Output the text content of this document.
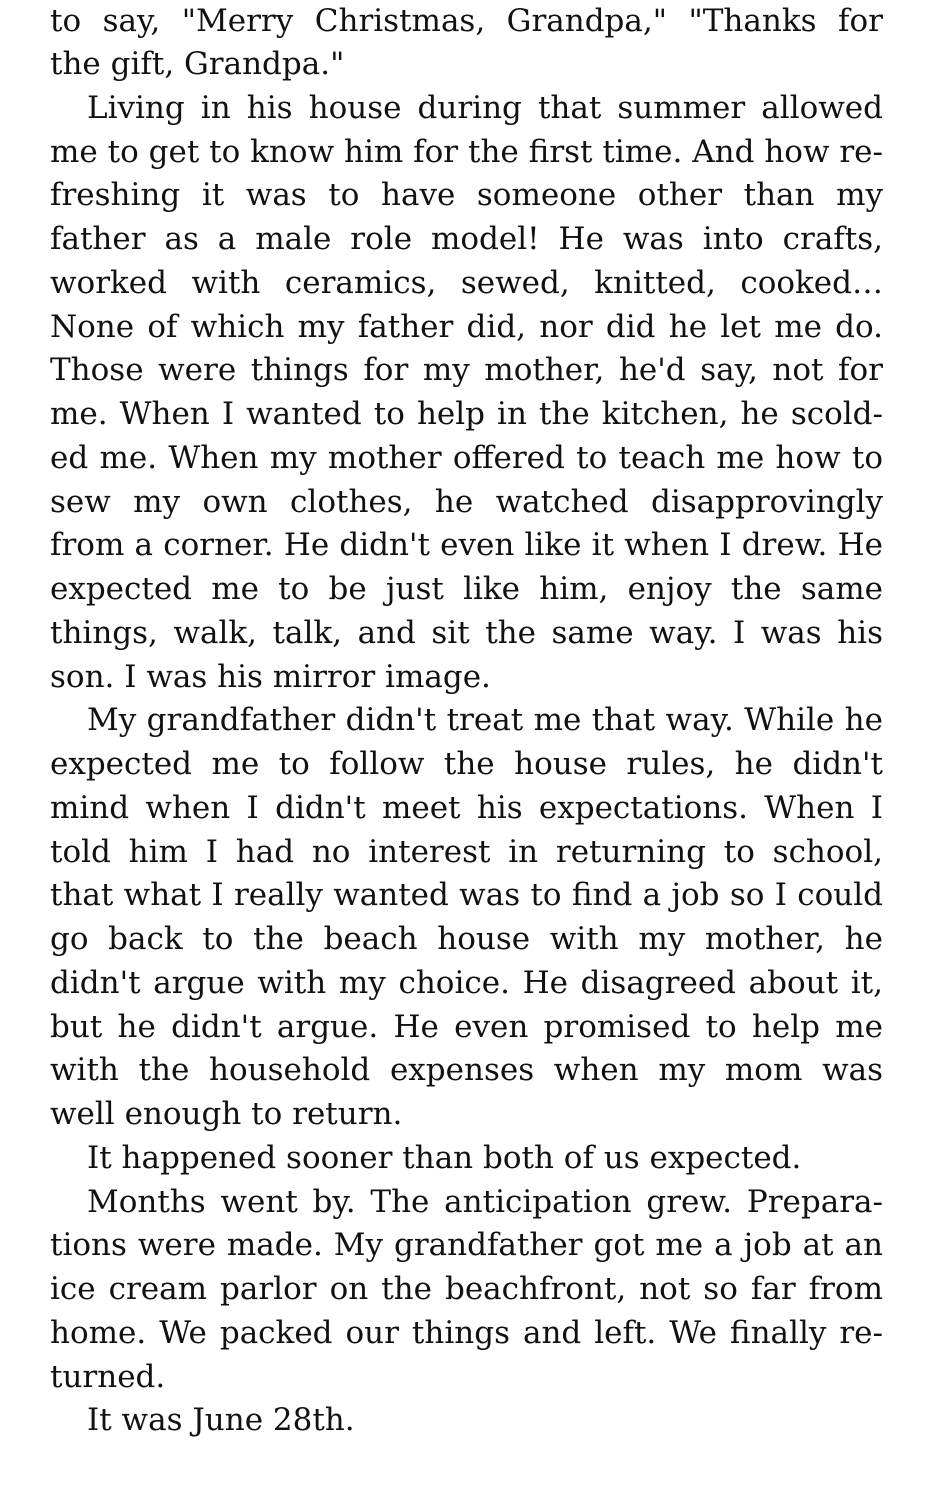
to say, "Merry Christmas, Grandpa," "Thanks for
the gift, Grandpa."
Living in his house during that summer allowed
me to get to know him for the first time. And how re-
freshing it was to have someone other than my
father as a male role model! He was into crafts,
worked with ceramics, sewed, knitted, cooked…
None of which my father did, nor did he let me do.
Those were things for my mother, he'd say, not for
me. When I wanted to help in the kitchen, he scold-
ed me. When my mother offered to teach me how to
sew my own clothes, he watched disapprovingly
from a corner. He didn't even like it when I drew. He
expected me to be just like him, enjoy the same
things, walk, talk, and sit the same way. I was his
son. I was his mirror image.
My grandfather didn't treat me that way. While he
expected me to follow the house rules, he didn't
mind when I didn't meet his expectations. When I
told him I had no interest in returning to school,
that what I really wanted was to find a job so I could
go back to the beach house with my mother, he
didn't argue with my choice. He disagreed about it,
but he didn't argue. He even promised to help me
with the household expenses when my mom was
well enough to return.
It happened sooner than both of us expected.
Months went by. The anticipation grew. Prepara-
tions were made. My grandfather got me a job at an
ice cream parlor on the beachfront, not so far from
home. We packed our things and left. We finally re-
turned.
It was June 28th.
